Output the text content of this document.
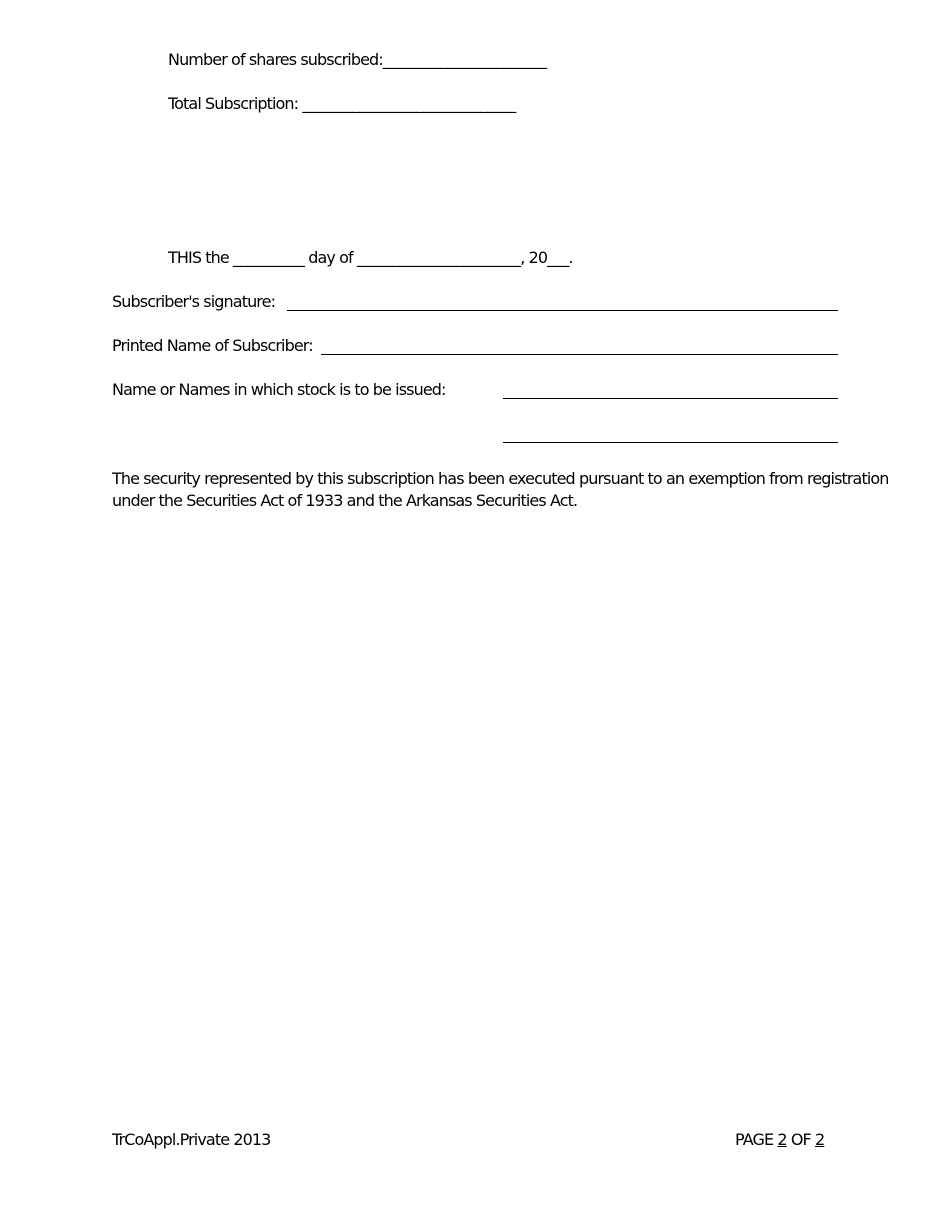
Number of shares subscribed:_______________________
Total Subscription: ______________________________
THIS the __________ day of _______________________, 20___.
Subscriber's signature:
Printed Name of Subscriber:
Name or Names in which stock is to be issued:
The security represented by this subscription has been executed pursuant to an exemption from registration under the Securities Act of 1933 and the Arkansas Securities Act.
TrCoAppl.Private 2013	PAGE 2 OF 2
